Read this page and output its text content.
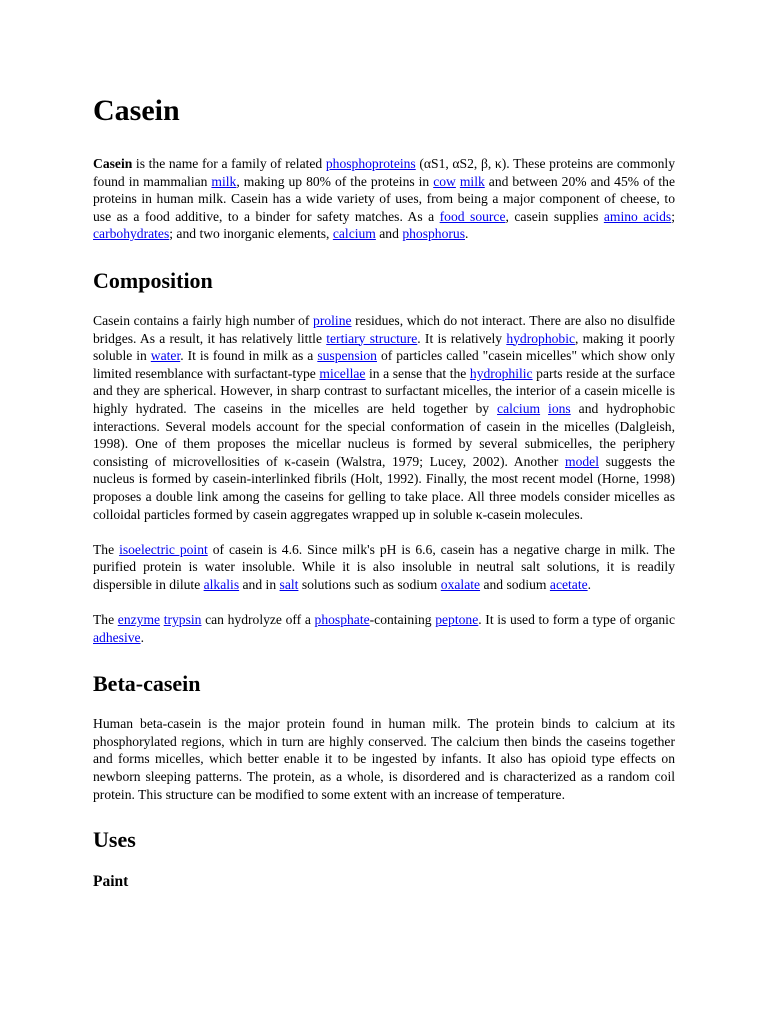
Casein

Casein is the name for a family of related phosphoproteins (αS1, αS2, β, κ). These proteins are commonly found in mammalian milk, making up 80% of the proteins in cow milk and between 20% and 45% of the proteins in human milk. Casein has a wide variety of uses, from being a major component of cheese, to use as a food additive, to a binder for safety matches. As a food source, casein supplies amino acids; carbohydrates; and two inorganic elements, calcium and phosphorus.

Composition

Casein contains a fairly high number of proline residues, which do not interact. There are also no disulfide bridges. As a result, it has relatively little tertiary structure. It is relatively hydrophobic, making it poorly soluble in water. It is found in milk as a suspension of particles called "casein micelles" which show only limited resemblance with surfactant-type micellae in a sense that the hydrophilic parts reside at the surface and they are spherical. However, in sharp contrast to surfactant micelles, the interior of a casein micelle is highly hydrated. The caseins in the micelles are held together by calcium ions and hydrophobic interactions. Several models account for the special conformation of casein in the micelles (Dalgleish, 1998). One of them proposes the micellar nucleus is formed by several submicelles, the periphery consisting of microvellosities of κ-casein (Walstra, 1979; Lucey, 2002). Another model suggests the nucleus is formed by casein-interlinked fibrils (Holt, 1992). Finally, the most recent model (Horne, 1998) proposes a double link among the caseins for gelling to take place. All three models consider micelles as colloidal particles formed by casein aggregates wrapped up in soluble κ-casein molecules.

The isoelectric point of casein is 4.6. Since milk's pH is 6.6, casein has a negative charge in milk. The purified protein is water insoluble. While it is also insoluble in neutral salt solutions, it is readily dispersible in dilute alkalis and in salt solutions such as sodium oxalate and sodium acetate.

The enzyme trypsin can hydrolyze off a phosphate-containing peptone. It is used to form a type of organic adhesive.

Beta-casein

Human beta-casein is the major protein found in human milk. The protein binds to calcium at its phosphorylated regions, which in turn are highly conserved. The calcium then binds the caseins together and forms micelles, which better enable it to be ingested by infants. It also has opioid type effects on newborn sleeping patterns. The protein, as a whole, is disordered and is characterized as a random coil protein. This structure can be modified to some extent with an increase of temperature.

Uses
Paint
